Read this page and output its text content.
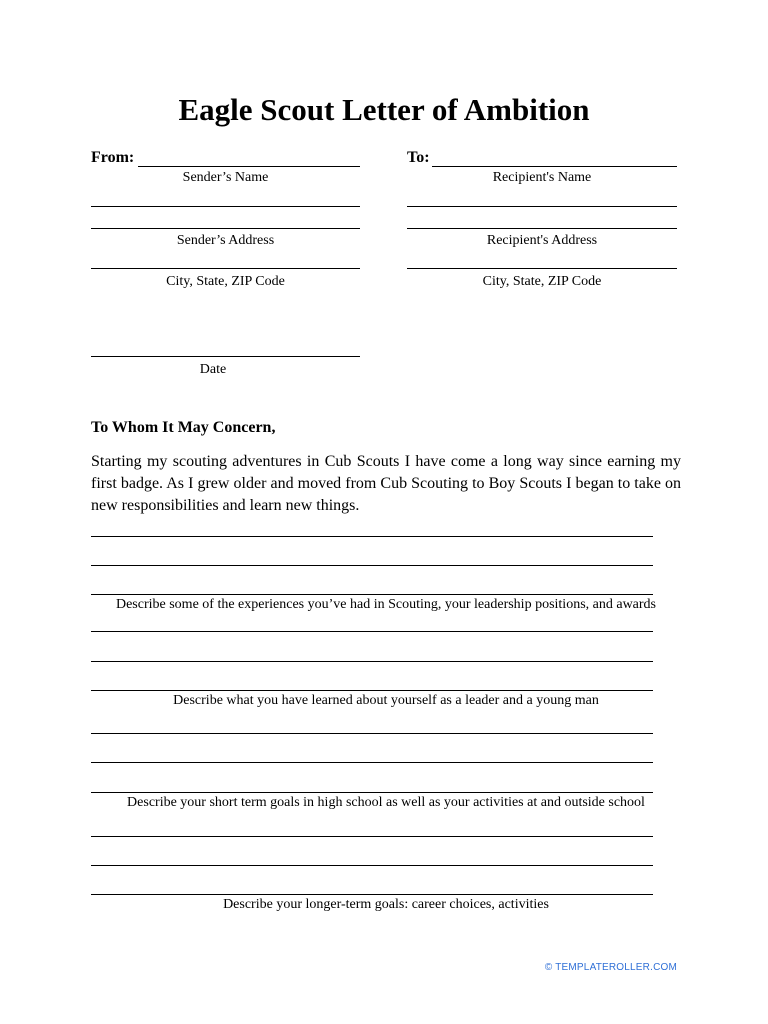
Eagle Scout Letter of Ambition
From:
Sender’s Name
Sender’s Address
City, State, ZIP Code
To:
Recipient's Name
Recipient's Address
City, State, ZIP Code
Date
To Whom It May Concern,
Starting my scouting adventures in Cub Scouts I have come a long way since earning my first badge. As I grew older and moved from Cub Scouting to Boy Scouts I began to take on new responsibilities and learn new things.
Describe some of the experiences you’ve had in Scouting, your leadership positions, and awards
Describe what you have learned about yourself as a leader and a young man
Describe your short term goals in high school as well as your activities at and outside school
Describe your longer-term goals: career choices, activities
© TEMPLATEROLLER.COM
